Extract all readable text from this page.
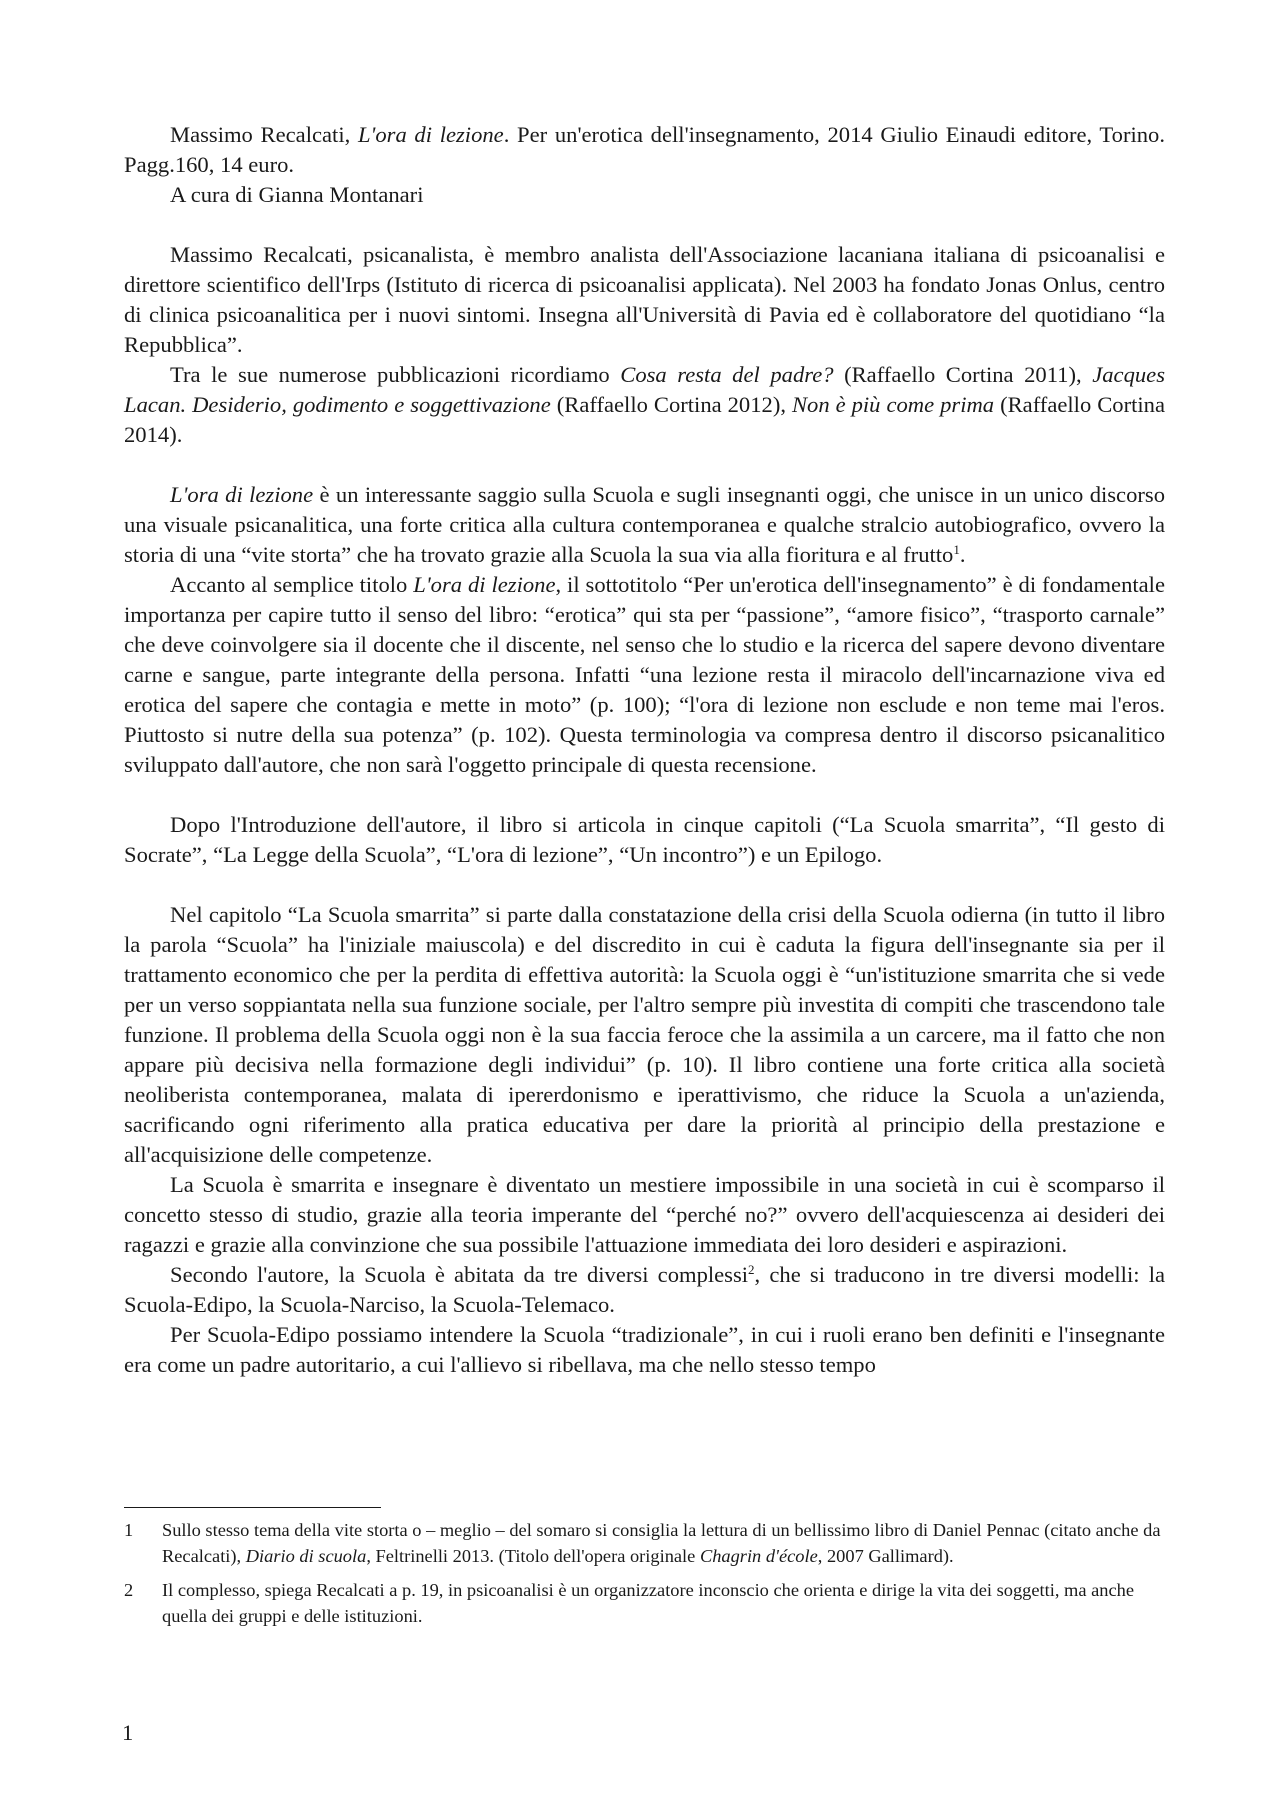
Massimo Recalcati, L'ora di lezione. Per un'erotica dell'insegnamento, 2014 Giulio Einaudi editore, Torino. Pagg.160, 14 euro.

A cura di Gianna Montanari

Massimo Recalcati, psicanalista, è membro analista dell'Associazione lacaniana italiana di psicoanalisi e direttore scientifico dell'Irps (Istituto di ricerca di psicoanalisi applicata). Nel 2003 ha fondato Jonas Onlus, centro di clinica psicoanalitica per i nuovi sintomi. Insegna all'Università di Pavia ed è collaboratore del quotidiano “la Repubblica”.

Tra le sue numerose pubblicazioni ricordiamo Cosa resta del padre? (Raffaello Cortina 2011), Jacques Lacan. Desiderio, godimento e soggettivazione (Raffaello Cortina 2012), Non è più come prima (Raffaello Cortina 2014).

L'ora di lezione è un interessante saggio sulla Scuola e sugli insegnanti oggi, che unisce in un unico discorso una visuale psicanalitica, una forte critica alla cultura contemporanea e qualche stralcio autobiografico, ovvero la storia di una “vite storta” che ha trovato grazie alla Scuola la sua via alla fioritura e al frutto$^1$.

Accanto al semplice titolo L'ora di lezione, il sottotitolo “Per un'erotica dell'insegnamento” è di fondamentale importanza per capire tutto il senso del libro: “erotica” qui sta per “passione”, “amore fisico”, “trasporto carnale” che deve coinvolgere sia il docente che il discente, nel senso che lo studio e la ricerca del sapere devono diventare carne e sangue, parte integrante della persona. Infatti “una lezione resta il miracolo dell'incarnazione viva ed erotica del sapere che contagia e mette in moto” (p. 100); “l'ora di lezione non esclude e non teme mai l'eros. Piuttosto si nutre della sua potenza” (p. 102). Questa terminologia va compresa dentro il discorso psicanalitico sviluppato dall'autore, che non sarà l'oggetto principale di questa recensione.

Dopo l'Introduzione dell'autore, il libro si articola in cinque capitoli (“La Scuola smarrita”, “Il gesto di Socrate”, “La Legge della Scuola”, “L'ora di lezione”, “Un incontro”) e un Epilogo.

Nel capitolo “La Scuola smarrita” si parte dalla constatazione della crisi della Scuola odierna (in tutto il libro la parola “Scuola” ha l'iniziale maiuscola) e del discredito in cui è caduta la figura dell'insegnante sia per il trattamento economico che per la perdita di effettiva autorità: la Scuola oggi è “un'istituzione smarrita che si vede per un verso soppiantata nella sua funzione sociale, per l'altro sempre più investita di compiti che trascendono tale funzione. Il problema della Scuola oggi non è la sua faccia feroce che la assimila a un carcere, ma il fatto che non appare più decisiva nella formazione degli individui” (p. 10). Il libro contiene una forte critica alla società neoliberista contemporanea, malata di ipererdonismo e iperattivismo, che riduce la Scuola a un'azienda, sacrificando ogni riferimento alla pratica educativa per dare la priorità al principio della prestazione e all'acquisizione delle competenze.

La Scuola è smarrita e insegnare è diventato un mestiere impossibile in una società in cui è scomparso il concetto stesso di studio, grazie alla teoria imperante del “perché no?” ovvero dell'acquiescenza ai desideri dei ragazzi e grazie alla convinzione che sua possibile l'attuazione immediata dei loro desideri e aspirazioni.

Secondo l'autore, la Scuola è abitata da tre diversi complessi$^2$, che si traducono in tre diversi modelli: la Scuola-Edipo, la Scuola-Narciso, la Scuola-Telemaco.

Per Scuola-Edipo possiamo intendere la Scuola “tradizionale”, in cui i ruoli erano ben definiti e l'insegnante era come un padre autoritario, a cui l'allievo si ribellava, ma che nello stesso tempo

1	Sullo stesso tema della vite storta o – meglio – del somaro si consiglia la lettura di un bellissimo libro di Daniel Pennac (citato anche da Recalcati), Diario di scuola, Feltrinelli 2013. (Titolo dell'opera originale Chagrin d'école, 2007 Gallimard).
2	Il complesso, spiega Recalcati a p. 19, in psicoanalisi è un organizzatore inconscio che orienta e dirige la vita dei soggetti, ma anche quella dei gruppi e delle istituzioni.
1
